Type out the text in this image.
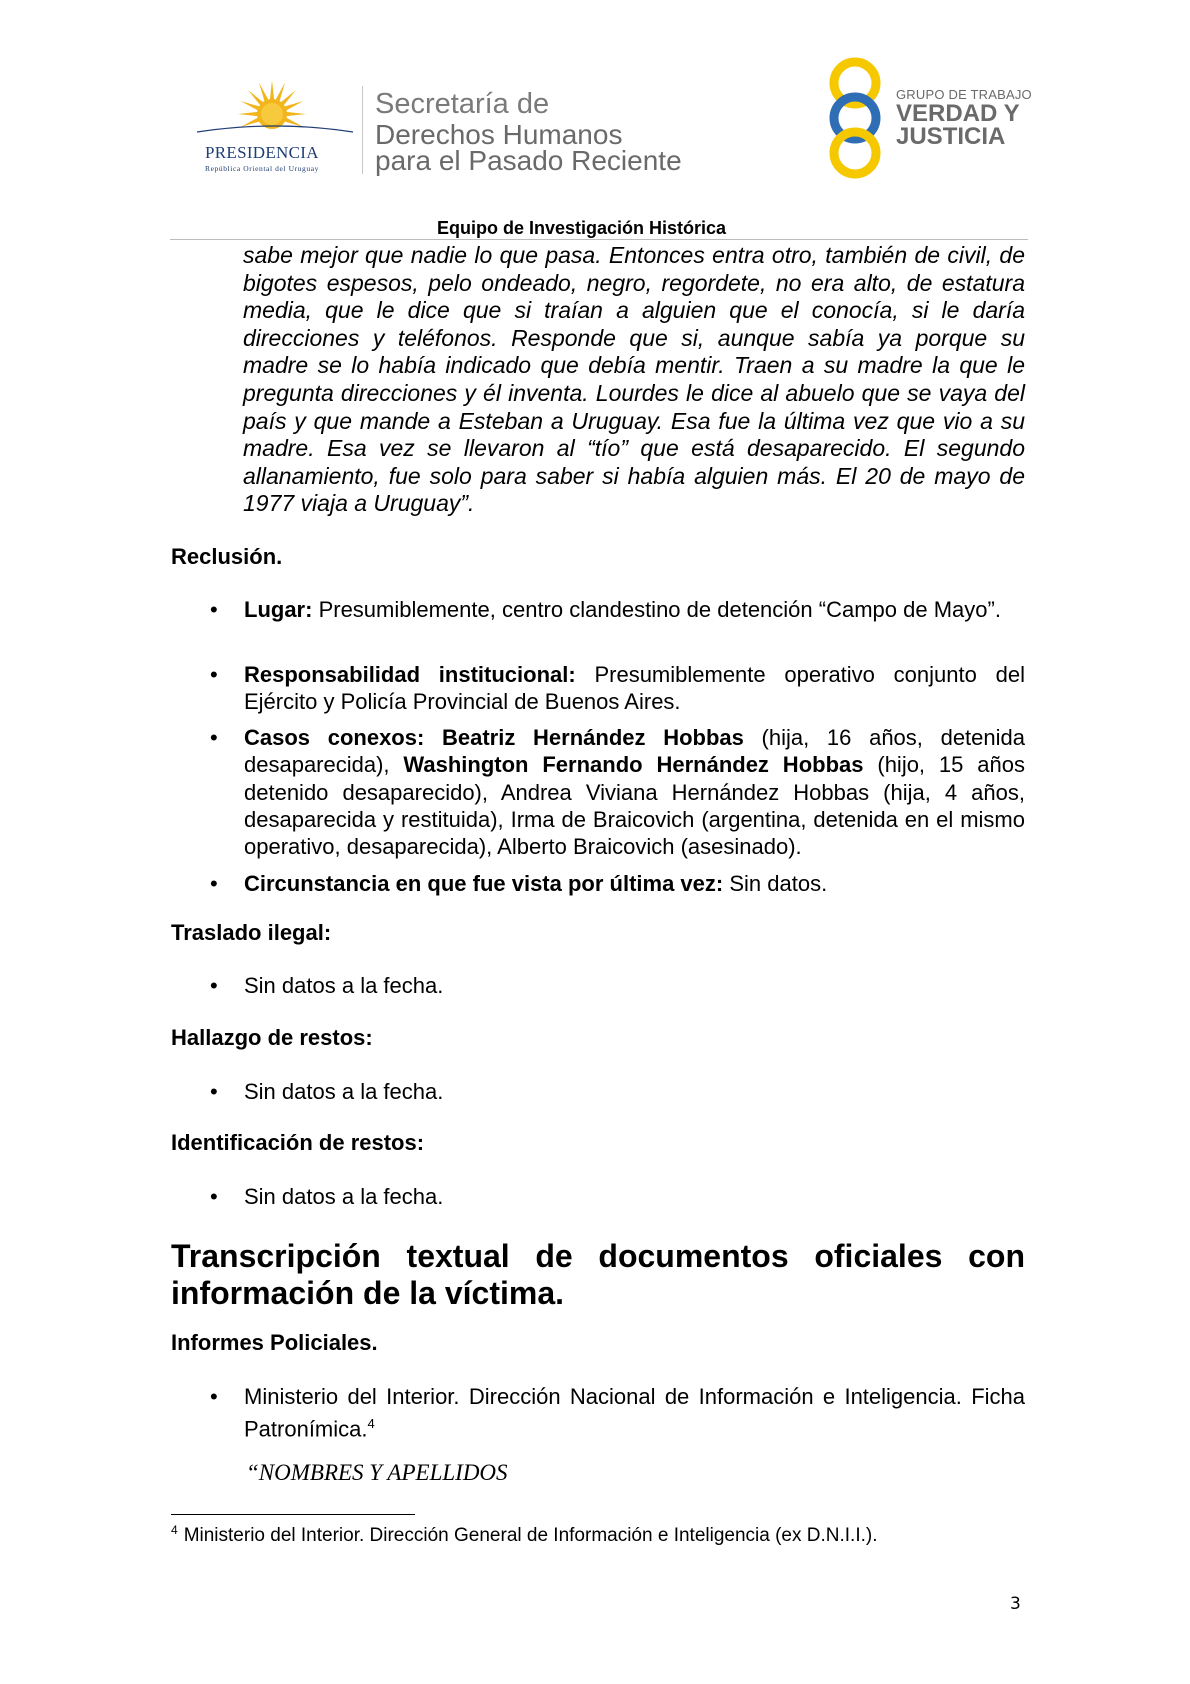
PRESIDENCIA
República Oriental del Uruguay
Secretaría de
Derechos Humanos
para el Pasado Reciente
GRUPO DE TRABAJO
VERDAD Y
JUSTICIA
Equipo de Investigación Histórica
sabe mejor que nadie lo que pasa. Entonces entra otro, también de civil, de bigotes espesos, pelo ondeado, negro, regordete, no era alto, de estatura media, que le dice que si traían a alguien que el conocía, si le daría direcciones y teléfonos. Responde que si, aunque sabía ya porque su madre se lo había indicado que debía mentir. Traen a su madre la que le pregunta direcciones y él inventa. Lourdes le dice al abuelo que se vaya del país y que mande a Esteban a Uruguay. Esa fue la última vez que vio a su madre. Esa vez se llevaron al “tío” que está desaparecido. El segundo allanamiento, fue solo para saber si había alguien más. El 20 de mayo de 1977 viaja a Uruguay”.
Reclusión.
•	Lugar: Presumiblemente, centro clandestino de detención “Campo de Mayo”.
•	Responsabilidad institucional: Presumiblemente operativo conjunto del Ejército y Policía Provincial de Buenos Aires.
•	Casos conexos: Beatriz Hernández Hobbas (hija, 16 años, detenida desaparecida), Washington Fernando Hernández Hobbas (hijo, 15 años detenido desaparecido), Andrea Viviana Hernández Hobbas (hija, 4 años, desaparecida y restituida), Irma de Braicovich (argentina, detenida en el mismo operativo, desaparecida), Alberto Braicovich (asesinado).
•	Circunstancia en que fue vista por última vez: Sin datos.
Traslado ilegal:
•	Sin datos a la fecha.
Hallazgo de restos:
•	Sin datos a la fecha.
Identificación de restos:
•	Sin datos a la fecha.
Transcripción textual de documentos oficiales con información de la víctima.
Informes Policiales.
•	Ministerio del Interior. Dirección Nacional de Información e Inteligencia. Ficha Patronímica.$^4$
“NOMBRES Y APELLIDOS
$^4$ Ministerio del Interior. Dirección General de Información e Inteligencia (ex D.N.I.I.).
3
